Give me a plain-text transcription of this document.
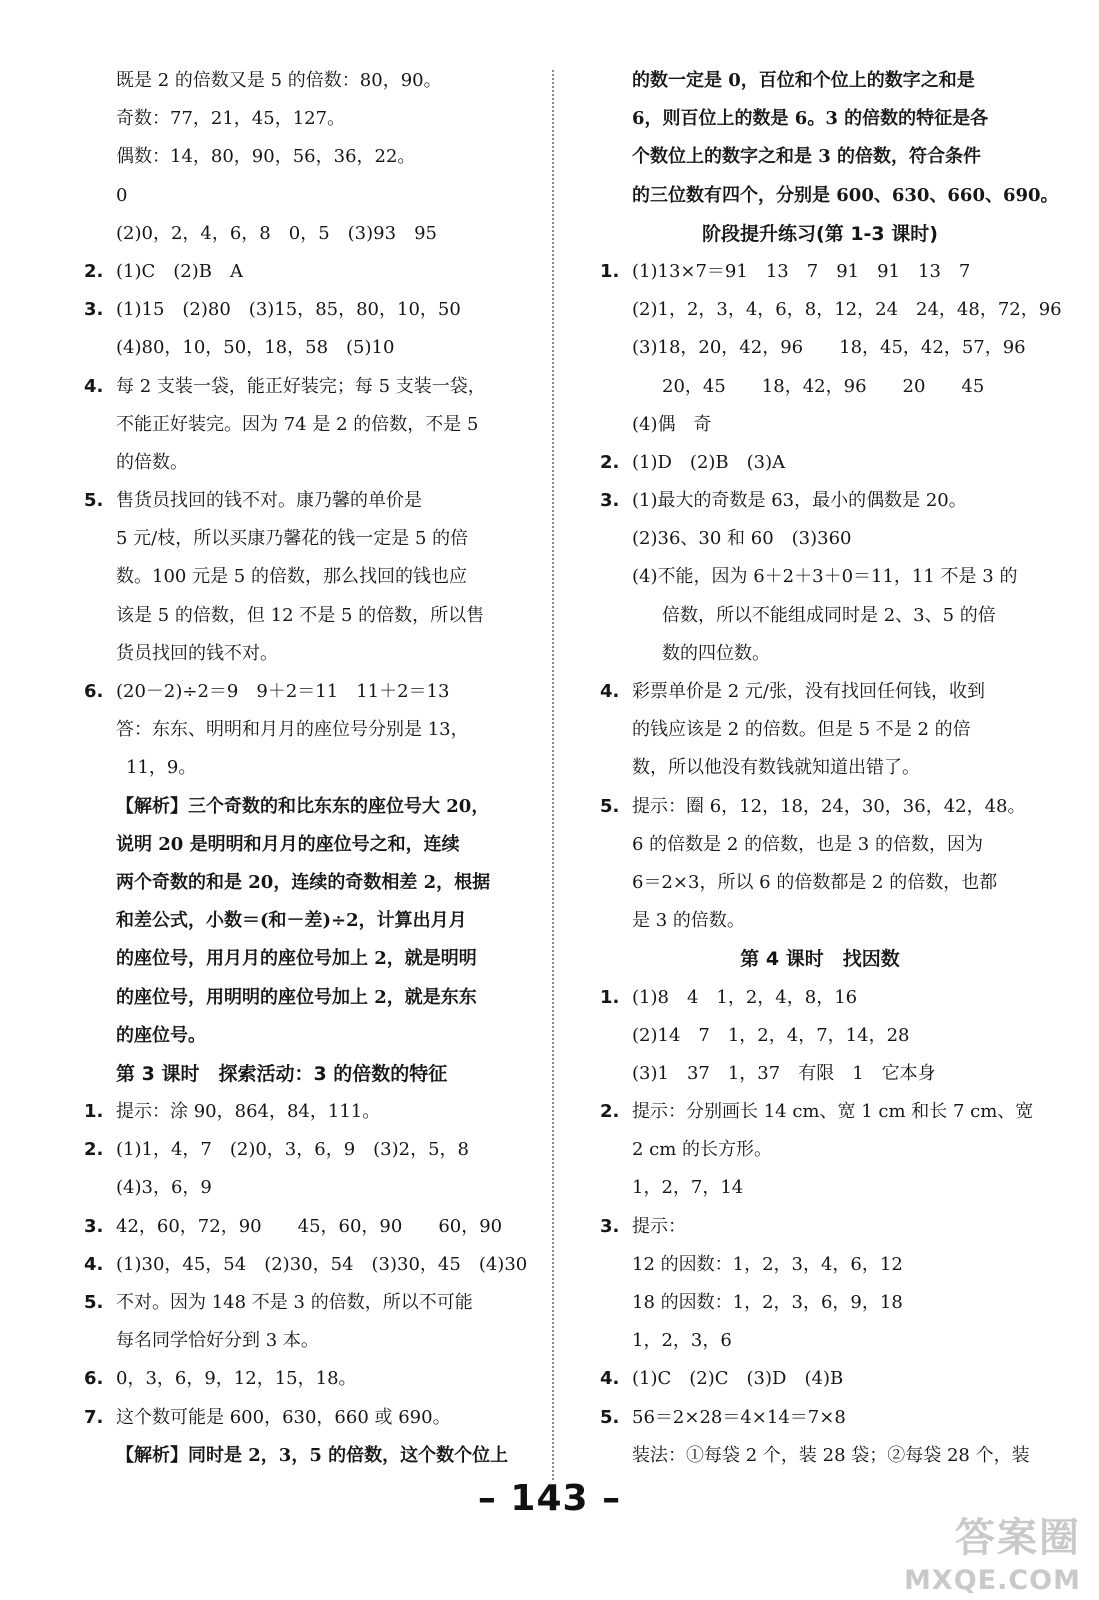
既是 2 的倍数又是 5 的倍数：80，90。
奇数：77，21，45，127。
偶数：14，80，90，56，36，22。
0
(2)0，2，4，6，8　0，5　(3)93　95
2. (1)C　(2)B　A
3. (1)15　(2)80　(3)15，85，80，10，50
(4)80，10，50，18，58　(5)10
4. 每 2 支装一袋，能正好装完；每 5 支装一袋，
不能正好装完。因为 74 是 2 的倍数，不是 5
的倍数。
5. 售货员找回的钱不对。康乃馨的单价是
5 元/枝，所以买康乃馨花的钱一定是 5 的倍
数。100 元是 5 的倍数，那么找回的钱也应
该是 5 的倍数，但 12 不是 5 的倍数，所以售
货员找回的钱不对。
6. (20－2)÷2＝9　9＋2＝11　11＋2＝13
答：东东、明明和月月的座位号分别是 13，
11，9。
【解析】三个奇数的和比东东的座位号大 20，
说明 20 是明明和月月的座位号之和，连续
两个奇数的和是 20，连续的奇数相差 2，根据
和差公式，小数＝(和－差)÷2，计算出月月
的座位号，用月月的座位号加上 2，就是明明
的座位号，用明明的座位号加上 2，就是东东
的座位号。
第 3 课时　探索活动：3 的倍数的特征
1. 提示：涂 90，864，84，111。
2. (1)1，4，7　(2)0，3，6，9　(3)2，5，8
(4)3，6，9
3. 42，60，72，90　　45，60，90　　60，90
4. (1)30，45，54　(2)30，54　(3)30，45　(4)30
5. 不对。因为 148 不是 3 的倍数，所以不可能
每名同学恰好分到 3 本。
6. 0，3，6，9，12，15，18。
7. 这个数可能是 600，630，660 或 690。
【解析】同时是 2，3，5 的倍数，这个数个位上
的数一定是 0，百位和个位上的数字之和是
6，则百位上的数是 6。3 的倍数的特征是各
个数位上的数字之和是 3 的倍数，符合条件
的三位数有四个，分别是 600、630、660、690。
阶段提升练习(第 1-3 课时)
1. (1)13×7＝91　13　7　91　91　13　7
(2)1，2，3，4，6，8，12，24　24，48，72，96
(3)18，20，42，96　　18，45，42，57，96
20，45　　18，42，96　　20　　45
(4)偶　奇
2. (1)D　(2)B　(3)A
3. (1)最大的奇数是 63，最小的偶数是 20。
(2)36、30 和 60　(3)360
(4)不能，因为 6＋2＋3＋0＝11，11 不是 3 的
倍数，所以不能组成同时是 2、3、5 的倍
数的四位数。
4. 彩票单价是 2 元/张，没有找回任何钱，收到
的钱应该是 2 的倍数。但是 5 不是 2 的倍
数，所以他没有数钱就知道出错了。
5. 提示：圈 6，12，18，24，30，36，42，48。
6 的倍数是 2 的倍数，也是 3 的倍数，因为
6＝2×3，所以 6 的倍数都是 2 的倍数，也都
是 3 的倍数。
第 4 课时　找因数
1. (1)8　4　1，2，4，8，16
(2)14　7　1，2，4，7，14，28
(3)1　37　1，37　有限　1　它本身
2. 提示：分别画长 14 cm、宽 1 cm 和长 7 cm、宽
2 cm 的长方形。
1，2，7，14
3. 提示：
12 的因数：1，2，3，4，6，12
18 的因数：1，2，3，6，9，18
1，2，3，6
4. (1)C　(2)C　(3)D　(4)B
5. 56＝2×28＝4×14＝7×8
装法：①每袋 2 个，装 28 袋；②每袋 28 个，装
– 143 –
答案圈
MXQE.COM
